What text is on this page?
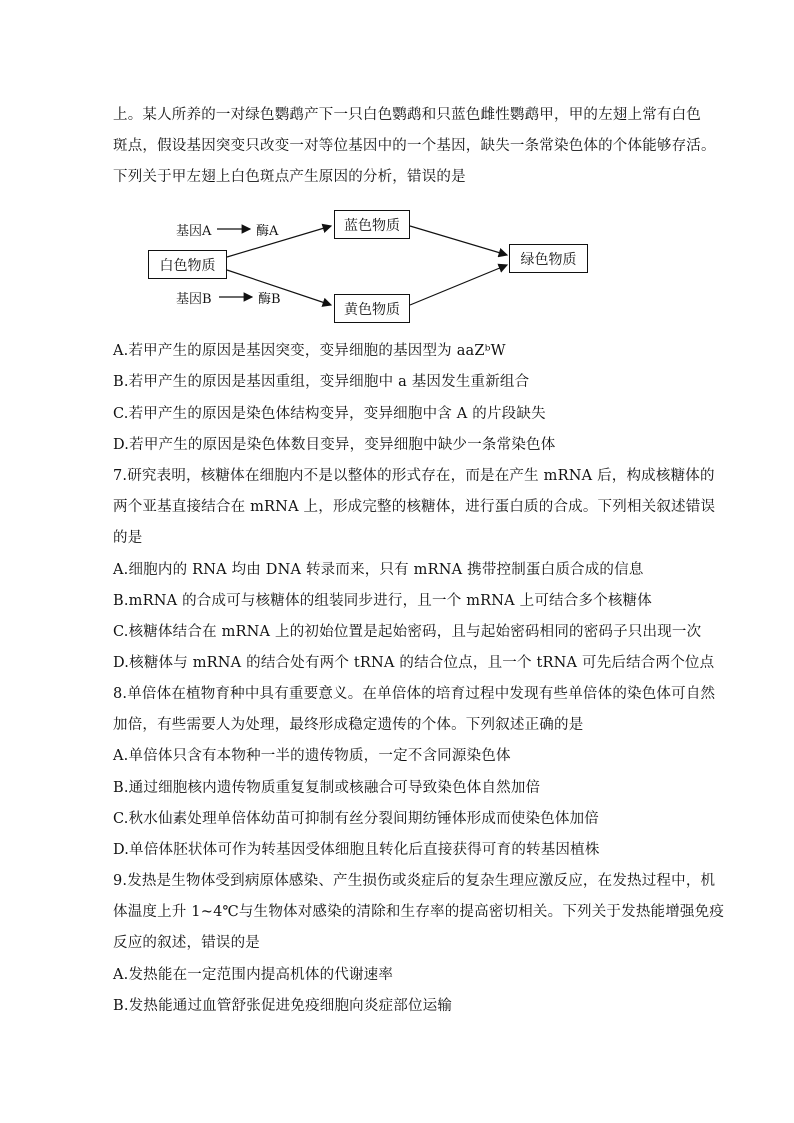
上。某人所养的一对绿色鹦鹉产下一只白色鹦鹉和只蓝色雌性鹦鹉甲，甲的左翅上常有白色
斑点，假设基因突变只改变一对等位基因中的一个基因，缺失一条常染色体的个体能够存活。
下列关于甲左翅上白色斑点产生原因的分析，错误的是
基因A	酶A
基因B	酶B
白色物质
蓝色物质
黄色物质
绿色物质
A.若甲产生的原因是基因突变，变异细胞的基因型为 aaZᵇW
B.若甲产生的原因是基因重组，变异细胞中 a 基因发生重新组合
C.若甲产生的原因是染色体结构变异，变异细胞中含 A 的片段缺失
D.若甲产生的原因是染色体数目变异，变异细胞中缺少一条常染色体
7.研究表明，核糖体在细胞内不是以整体的形式存在，而是在产生 mRNA 后，构成核糖体的
两个亚基直接结合在 mRNA 上，形成完整的核糖体，进行蛋白质的合成。下列相关叙述错误
的是
A.细胞内的 RNA 均由 DNA 转录而来，只有 mRNA 携带控制蛋白质合成的信息
B.mRNA 的合成可与核糖体的组装同步进行，且一个 mRNA 上可结合多个核糖体
C.核糖体结合在 mRNA 上的初始位置是起始密码，且与起始密码相同的密码子只出现一次
D.核糖体与 mRNA 的结合处有两个 tRNA 的结合位点，且一个 tRNA 可先后结合两个位点
8.单倍体在植物育种中具有重要意义。在单倍体的培育过程中发现有些单倍体的染色体可自然
加倍，有些需要人为处理，最终形成稳定遗传的个体。下列叙述正确的是
A.单倍体只含有本物种一半的遗传物质，一定不含同源染色体
B.通过细胞核内遗传物质重复复制或核融合可导致染色体自然加倍
C.秋水仙素处理单倍体幼苗可抑制有丝分裂间期纺锤体形成而使染色体加倍
D.单倍体胚状体可作为转基因受体细胞且转化后直接获得可育的转基因植株
9.发热是生物体受到病原体感染、产生损伤或炎症后的复杂生理应激反应，在发热过程中，机
体温度上升 1~4℃与生物体对感染的清除和生存率的提高密切相关。下列关于发热能增强免疫
反应的叙述，错误的是
A.发热能在一定范围内提高机体的代谢速率
B.发热能通过血管舒张促进免疫细胞向炎症部位运输
